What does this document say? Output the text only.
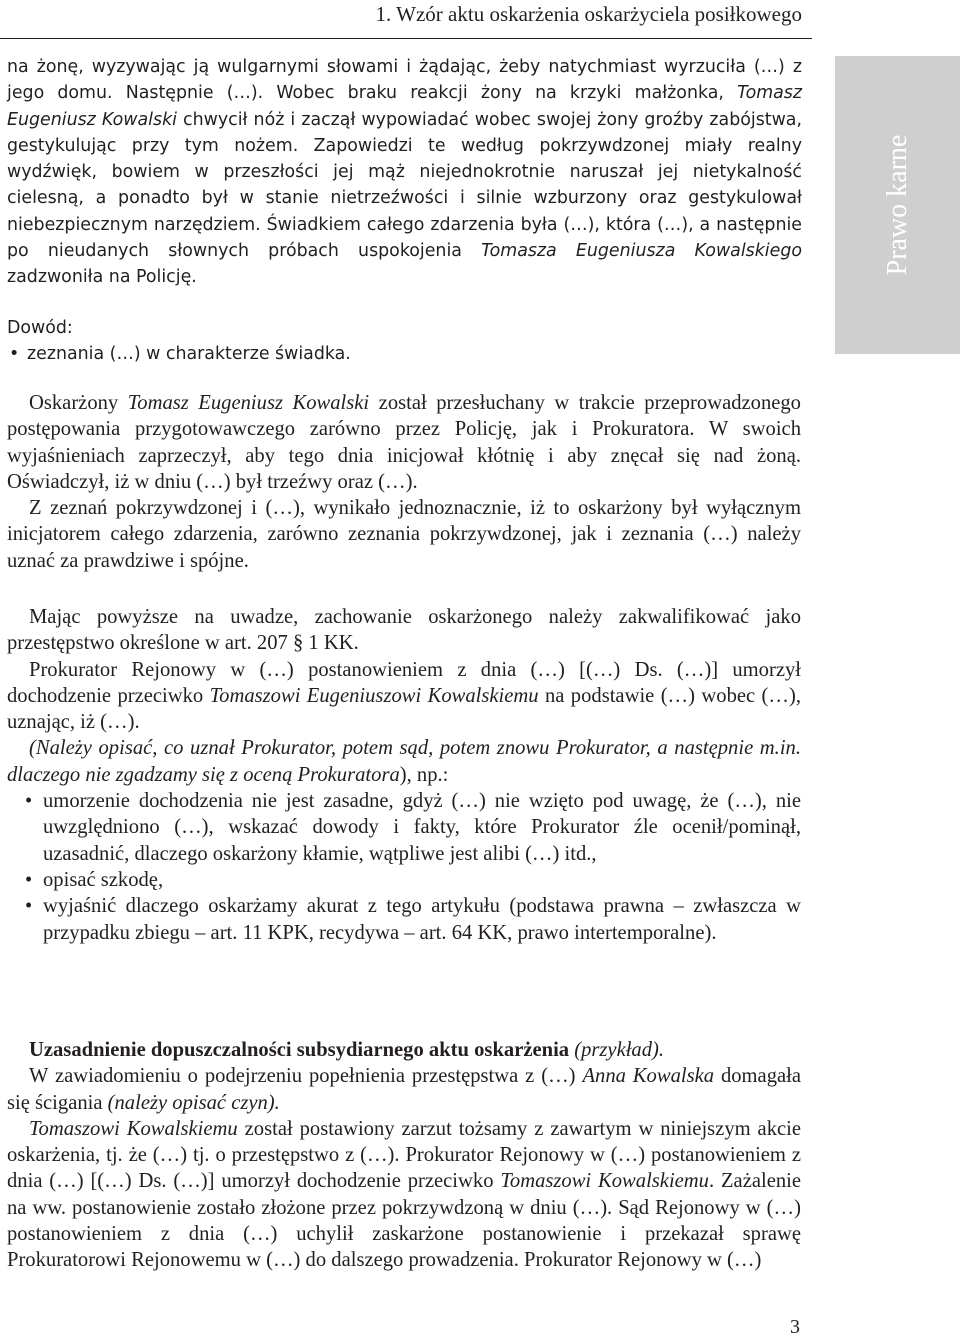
1. Wzór aktu oskarżenia oskarżyciela posiłkowego
Prawo karne

na żonę, wyzywając ją wulgarnymi słowami i żądając, żeby natychmiast wyrzuciła (…) z jego domu. Następnie (…). Wobec braku reakcji żony na krzyki małżonka, Tomasz Eugeniusz Kowalski chwycił nóż i zaczął wypowiadać wobec swojej żony groźby zabójstwa, gestykulując przy tym nożem. Zapowiedzi te według pokrzywdzonej miały realny wydźwięk, bowiem w przeszłości jej mąż niejednokrotnie naruszał jej nietykalność cielesną, a ponadto był w stanie nietrzeźwości i silnie wzburzony oraz gestykulował niebezpiecznym narzędziem. Świadkiem całego zdarzenia była (…), która (…), a następnie po nieudanych słownych próbach uspokojenia Tomasza Eugeniusza Kowalskiego zadzwoniła na Policję.

Dowód:

• zeznania (…) w charakterze świadka.

Oskarżony Tomasz Eugeniusz Kowalski został przesłuchany w trakcie przeprowadzonego postępowania przygotowawczego zarówno przez Policję, jak i Prokuratora. W swoich wyjaśnieniach zaprzeczył, aby tego dnia inicjował kłótnię i aby znęcał się nad żoną. Oświadczył, iż w dniu (…) był trzeźwy oraz (…).

Z zeznań pokrzywdzonej i (…), wynikało jednoznacznie, iż to oskarżony był wyłącznym inicjatorem całego zdarzenia, zarówno zeznania pokrzywdzonej, jak i zeznania (…) należy uznać za prawdziwe i spójne.

Mając powyższe na uwadze, zachowanie oskarżonego należy zakwalifikować jako przestępstwo określone w art. 207 § 1 KK.

Prokurator Rejonowy w (…) postanowieniem z dnia (…) [(…) Ds. (…)] umorzył dochodzenie przeciwko Tomaszowi Eugeniuszowi Kowalskiemu na podstawie (…) wobec (…), uznając, iż (…).

(Należy opisać, co uznał Prokurator, potem sąd, potem znowu Prokurator, a następnie m.in. dlaczego nie zgadzamy się z oceną Prokuratora), np.:

• umorzenie dochodzenia nie jest zasadne, gdyż (…) nie wzięto pod uwagę, że (…), nie uwzględniono (…), wskazać dowody i fakty, które Prokurator źle ocenił/pominął, uzasadnić, dlaczego oskarżony kłamie, wątpliwe jest alibi (…) itd.,
• opisać szkodę,
• wyjaśnić dlaczego oskarżamy akurat z tego artykułu (podstawa prawna – zwłaszcza w przypadku zbiegu – art. 11 KPK, recydywa – art. 64 KK, prawo intertemporalne).

Uzasadnienie dopuszczalności subsydiarnego aktu oskarżenia (przykład).

W zawiadomieniu o podejrzeniu popełnienia przestępstwa z (…) Anna Kowalska domagała się ścigania (należy opisać czyn).

Tomaszowi Kowalskiemu został postawiony zarzut tożsamy z zawartym w niniejszym akcie oskarżenia, tj. że (…) tj. o przestępstwo z (…). Prokurator Rejonowy w (…) postanowieniem z dnia (…) [(…) Ds. (…)] umorzył dochodzenie przeciwko Tomaszowi Kowalskiemu. Zażalenie na ww. postanowienie zostało złożone przez pokrzywdzoną w dniu (…). Sąd Rejonowy w (…) postanowieniem z dnia (…) uchylił zaskarżone postanowienie i przekazał sprawę Prokuratorowi Rejonowemu w (…) do dalszego prowadzenia. Prokurator Rejonowy w (…)

3
